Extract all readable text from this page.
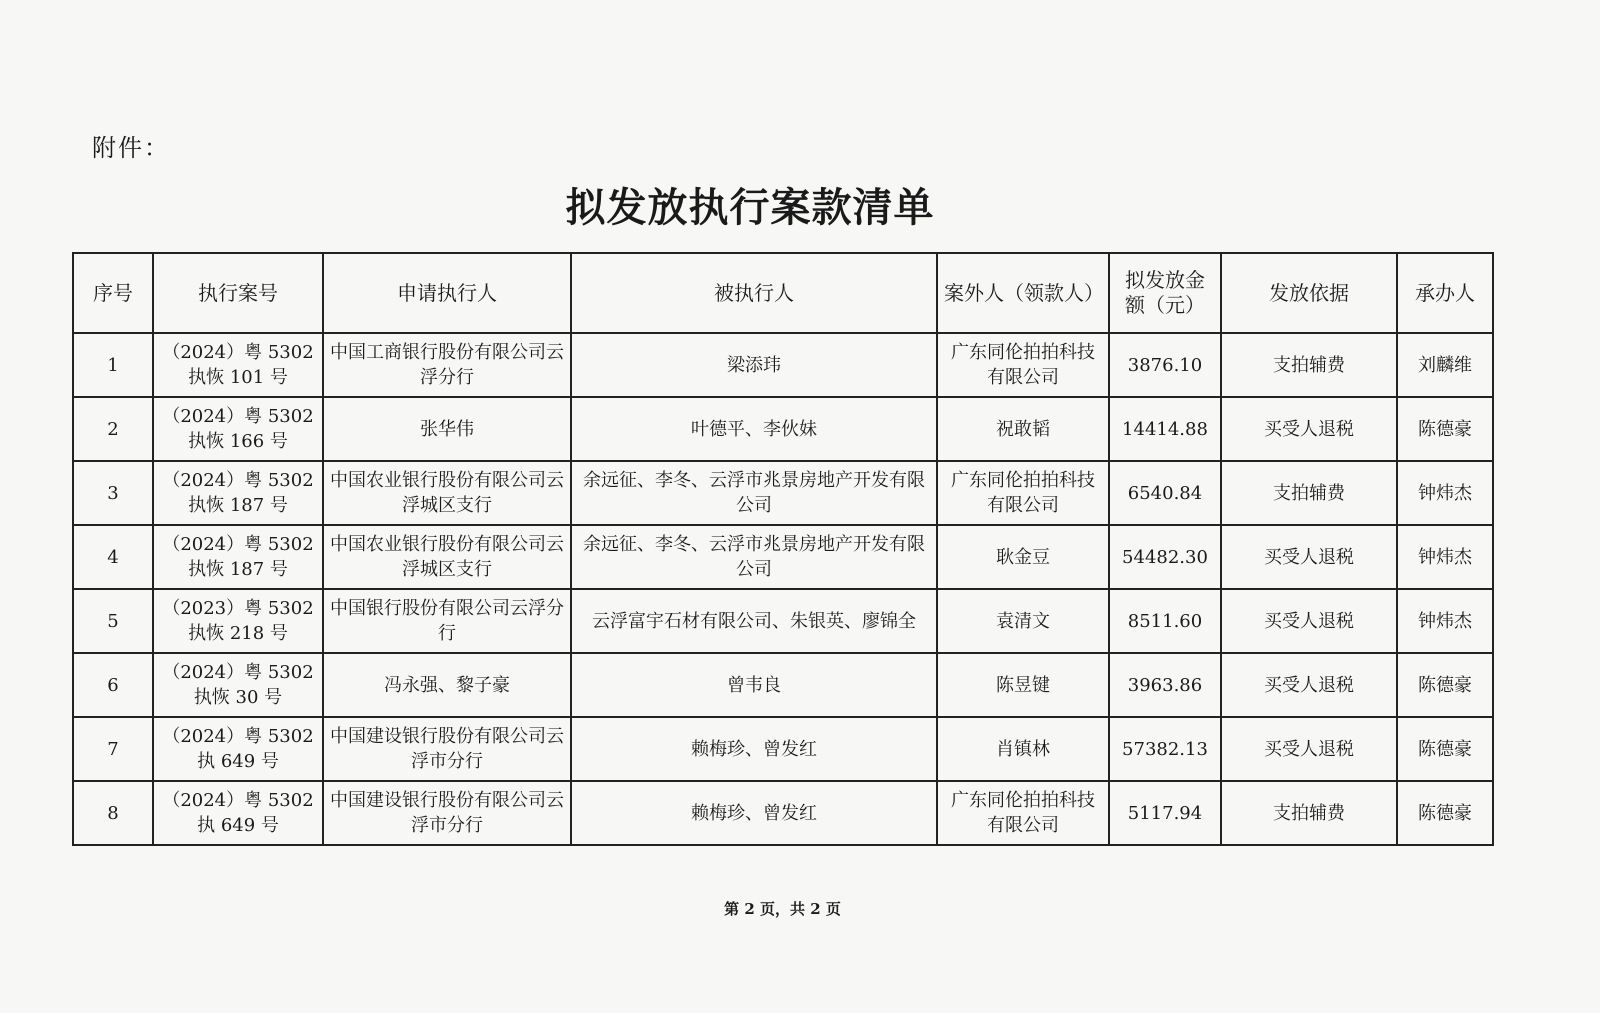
附件：
拟发放执行案款清单
序号	执行案号	申请执行人	被执行人	案外人（领款人）	拟发放金额（元）	发放依据	承办人
1	（2024）粤 5302 执恢 101 号	中国工商银行股份有限公司云浮分行	梁添玮	广东同伦拍拍科技有限公司	3876.10	支拍辅费	刘麟维
2	（2024）粤 5302 执恢 166 号	张华伟	叶德平、李伙妹	祝敢韬	14414.88	买受人退税	陈德豪
3	（2024）粤 5302 执恢 187 号	中国农业银行股份有限公司云浮城区支行	余远征、李冬、云浮市兆景房地产开发有限公司	广东同伦拍拍科技有限公司	6540.84	支拍辅费	钟炜杰
4	（2024）粤 5302 执恢 187 号	中国农业银行股份有限公司云浮城区支行	余远征、李冬、云浮市兆景房地产开发有限公司	耿金豆	54482.30	买受人退税	钟炜杰
5	（2023）粤 5302 执恢 218 号	中国银行股份有限公司云浮分行	云浮富宇石材有限公司、朱银英、廖锦全	袁清文	8511.60	买受人退税	钟炜杰
6	（2024）粤 5302 执恢 30 号	冯永强、黎子豪	曾韦良	陈昱键	3963.86	买受人退税	陈德豪
7	（2024）粤 5302 执 649 号	中国建设银行股份有限公司云浮市分行	赖梅珍、曾发红	肖镇林	57382.13	买受人退税	陈德豪
8	（2024）粤 5302 执 649 号	中国建设银行股份有限公司云浮市分行	赖梅珍、曾发红	广东同伦拍拍科技有限公司	5117.94	支拍辅费	陈德豪
第 2 页，共 2 页
